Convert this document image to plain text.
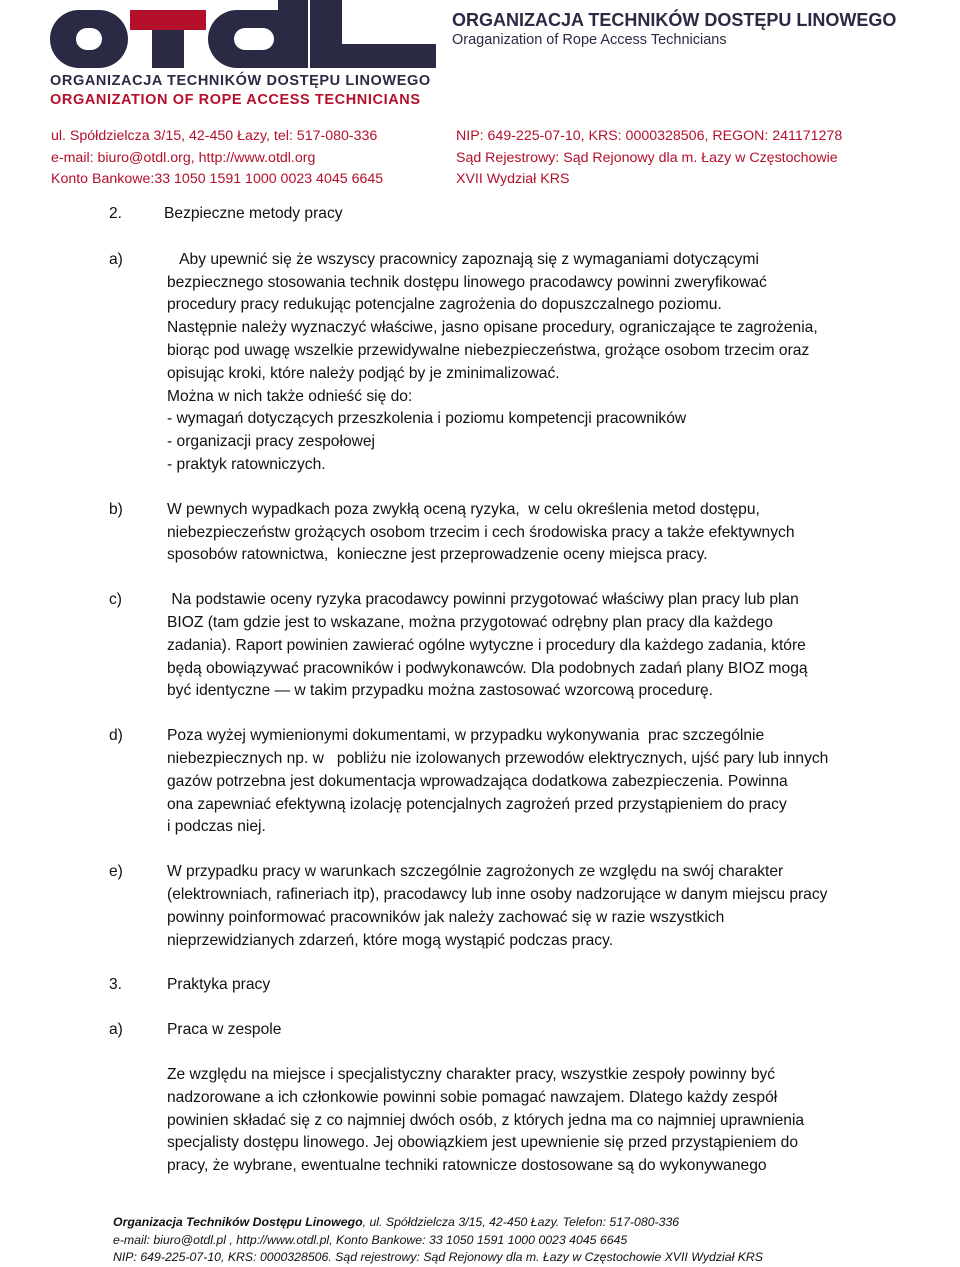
ORGANIZACJA TECHNIKÓW DOSTĘPU LINOWEGO
ORGANIZATION OF ROPE ACCESS TECHNICIANS
ORGANIZACJA TECHNIKÓW DOSTĘPU LINOWEGO
Oraganization of Rope Access Technicians
ul. Spółdzielcza 3/15, 42-450 Łazy, tel: 517-080-336
e-mail: biuro@otdl.org, http://www.otdl.org
Konto Bankowe:33 1050 1591 1000 0023 4045 6645
NIP: 649-225-07-10, KRS: 0000328506, REGON: 241171278
Sąd Rejestrowy: Sąd Rejonowy dla m. Łazy w Częstochowie
XVII Wydział KRS
2.	Bezpieczne metody pracy
a)	Aby upewnić się że wszyscy pracownicy zapoznają się z wymaganiami dotyczącymi

bezpiecznego stosowania technik dostępu linowego pracodawcy powinni zweryfikować

procedury pracy redukując potencjalne zagrożenia do dopuszczalnego poziomu.

Następnie należy wyznaczyć właściwe, jasno opisane procedury, ograniczające te zagrożenia,

biorąc pod uwagę wszelkie przewidywalne niebezpieczeństwa, grożące osobom trzecim oraz

opisując kroki, które należy podjąć by je zminimalizować.

Można w nich także odnieść się do:

- wymagań dotyczących przeszkolenia i poziomu kompetencji pracowników

- organizacji pracy zespołowej

- praktyk ratowniczych.

b)	W pewnych wypadkach poza zwykłą oceną ryzyka,  w celu określenia metod dostępu,

niebezpieczeństw grożących osobom trzecim i cech środowiska pracy a także efektywnych

sposobów ratownictwa,  konieczne jest przeprowadzenie oceny miejsca pracy.

c)	Na podstawie oceny ryzyka pracodawcy powinni przygotować właściwy plan pracy lub plan

BIOZ (tam gdzie jest to wskazane, można przygotować odrębny plan pracy dla każdego

zadania). Raport powinien zawierać ogólne wytyczne i procedury dla każdego zadania, które

będą obowiązywać pracowników i podwykonawców. Dla podobnych zadań plany BIOZ mogą

być identyczne — w takim przypadku można zastosować wzorcową procedurę.

d)	Poza wyżej wymienionymi dokumentami, w przypadku wykonywania  prac szczególnie

niebezpiecznych np. w   pobliżu nie izolowanych przewodów elektrycznych, ujść pary lub innych

gazów potrzebna jest dokumentacja wprowadzająca dodatkowa zabezpieczenia. Powinna

ona zapewniać efektywną izolację potencjalnych zagrożeń przed przystąpieniem do pracy

i podczas niej.

e)	W przypadku pracy w warunkach szczególnie zagrożonych ze względu na swój charakter

(elektrowniach, rafineriach itp), pracodawcy lub inne osoby nadzorujące w danym miejscu pracy

powinny poinformować pracowników jak należy zachować się w razie wszystkich

nieprzewidzianych zdarzeń, które mogą wystąpić podczas pracy.

3.	Praktyka pracy
a)	Praca w zespole

Ze względu na miejsce i specjalistyczny charakter pracy, wszystkie zespoły powinny być

nadzorowane a ich członkowie powinni sobie pomagać nawzajem. Dlatego każdy zespół

powinien składać się z co najmniej dwóch osób, z których jedna ma co najmniej uprawnienia

specjalisty dostępu linowego. Jej obowiązkiem jest upewnienie się przed przystąpieniem do

pracy, że wybrane, ewentualne techniki ratownicze dostosowane są do wykonywanego

Organizacja Techników Dostępu Linowego, ul. Spółdzielcza 3/15, 42-450 Łazy. Telefon: 517-080-336
e-mail: biuro@otdl.pl , http://www.otdl.pl, Konto Bankowe: 33 1050 1591 1000 0023 4045 6645
NIP: 649-225-07-10, KRS: 0000328506. Sąd rejestrowy: Sąd Rejonowy dla m. Łazy w Częstochowie XVII Wydział KRS
